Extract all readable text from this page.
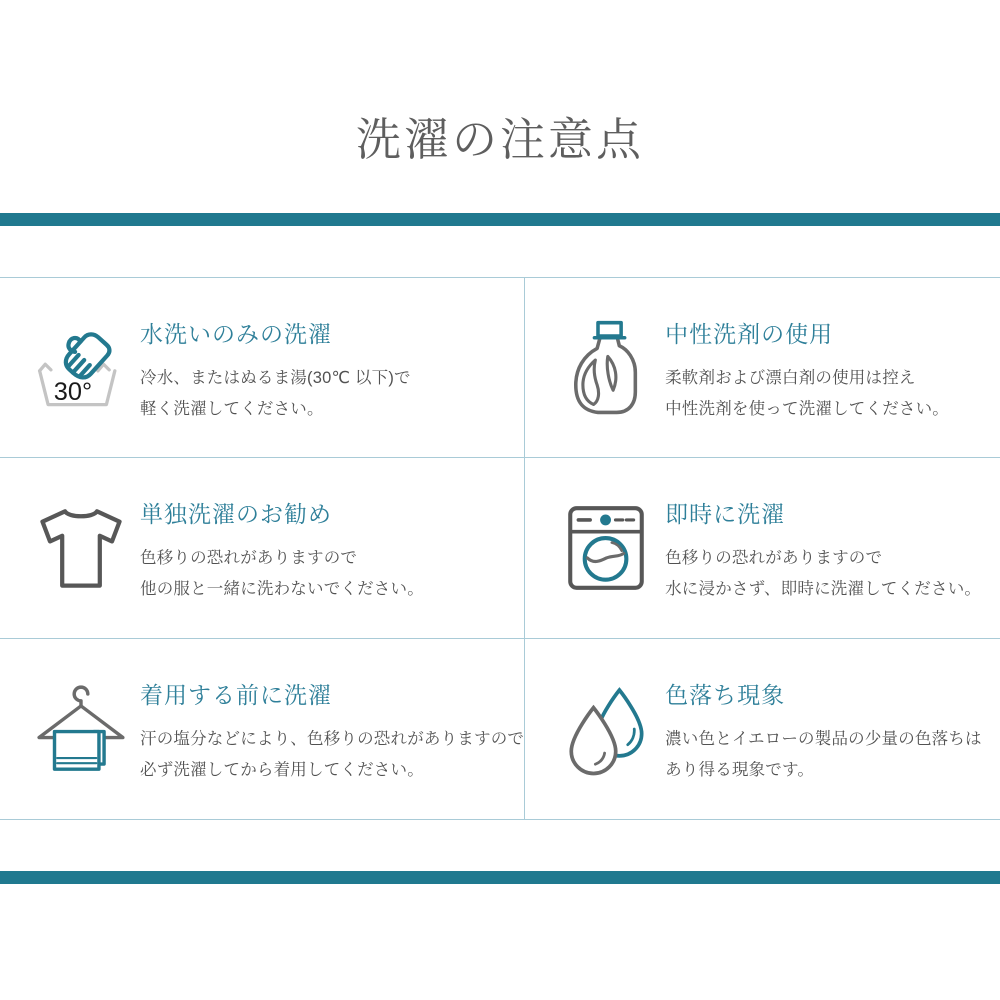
洗濯の注意点
30°
水洗いのみの洗濯

冷水、またはぬるま湯(30℃ 以下)で

軽く洗濯してください。

中性洗剤の使用

柔軟剤および漂白剤の使用は控え

中性洗剤を使って洗濯してください。

単独洗濯のお勧め

色移りの恐れがありますので

他の服と一緒に洗わないでください。

即時に洗濯

色移りの恐れがありますので

水に浸かさず、即時に洗濯してください。

着用する前に洗濯

汗の塩分などにより、色移りの恐れがありますので

必ず洗濯してから着用してください。

色落ち現象

濃い色とイエローの製品の少量の色落ちは

あり得る現象です。
